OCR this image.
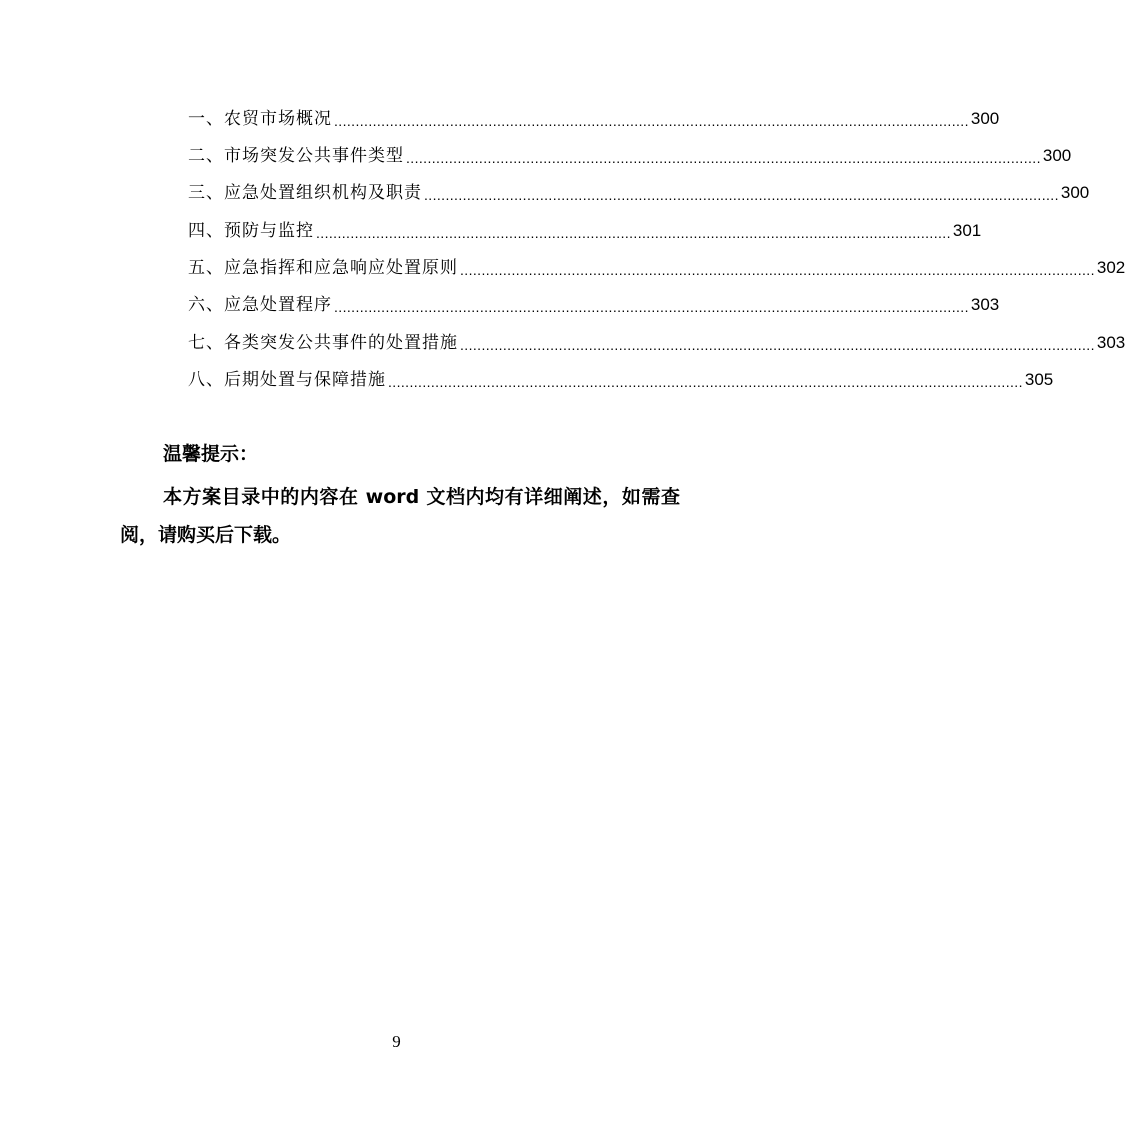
一、农贸市场概况 .................................................................................................................................................... 300
二、市场突发公共事件类型 .................................................................................................................................................... 300
三、应急处置组织机构及职责 .................................................................................................................................................... 300
四、预防与监控 .................................................................................................................................................... 301
五、应急指挥和应急响应处置原则 .................................................................................................................................................... 302
六、应急处置程序 .................................................................................................................................................... 303
七、各类突发公共事件的处置措施 .................................................................................................................................................... 303
八、后期处置与保障措施 .................................................................................................................................................... 305
温馨提示：
本方案目录中的内容在 word 文档内均有详细阐述，如需查阅，请购买后下载。
9
